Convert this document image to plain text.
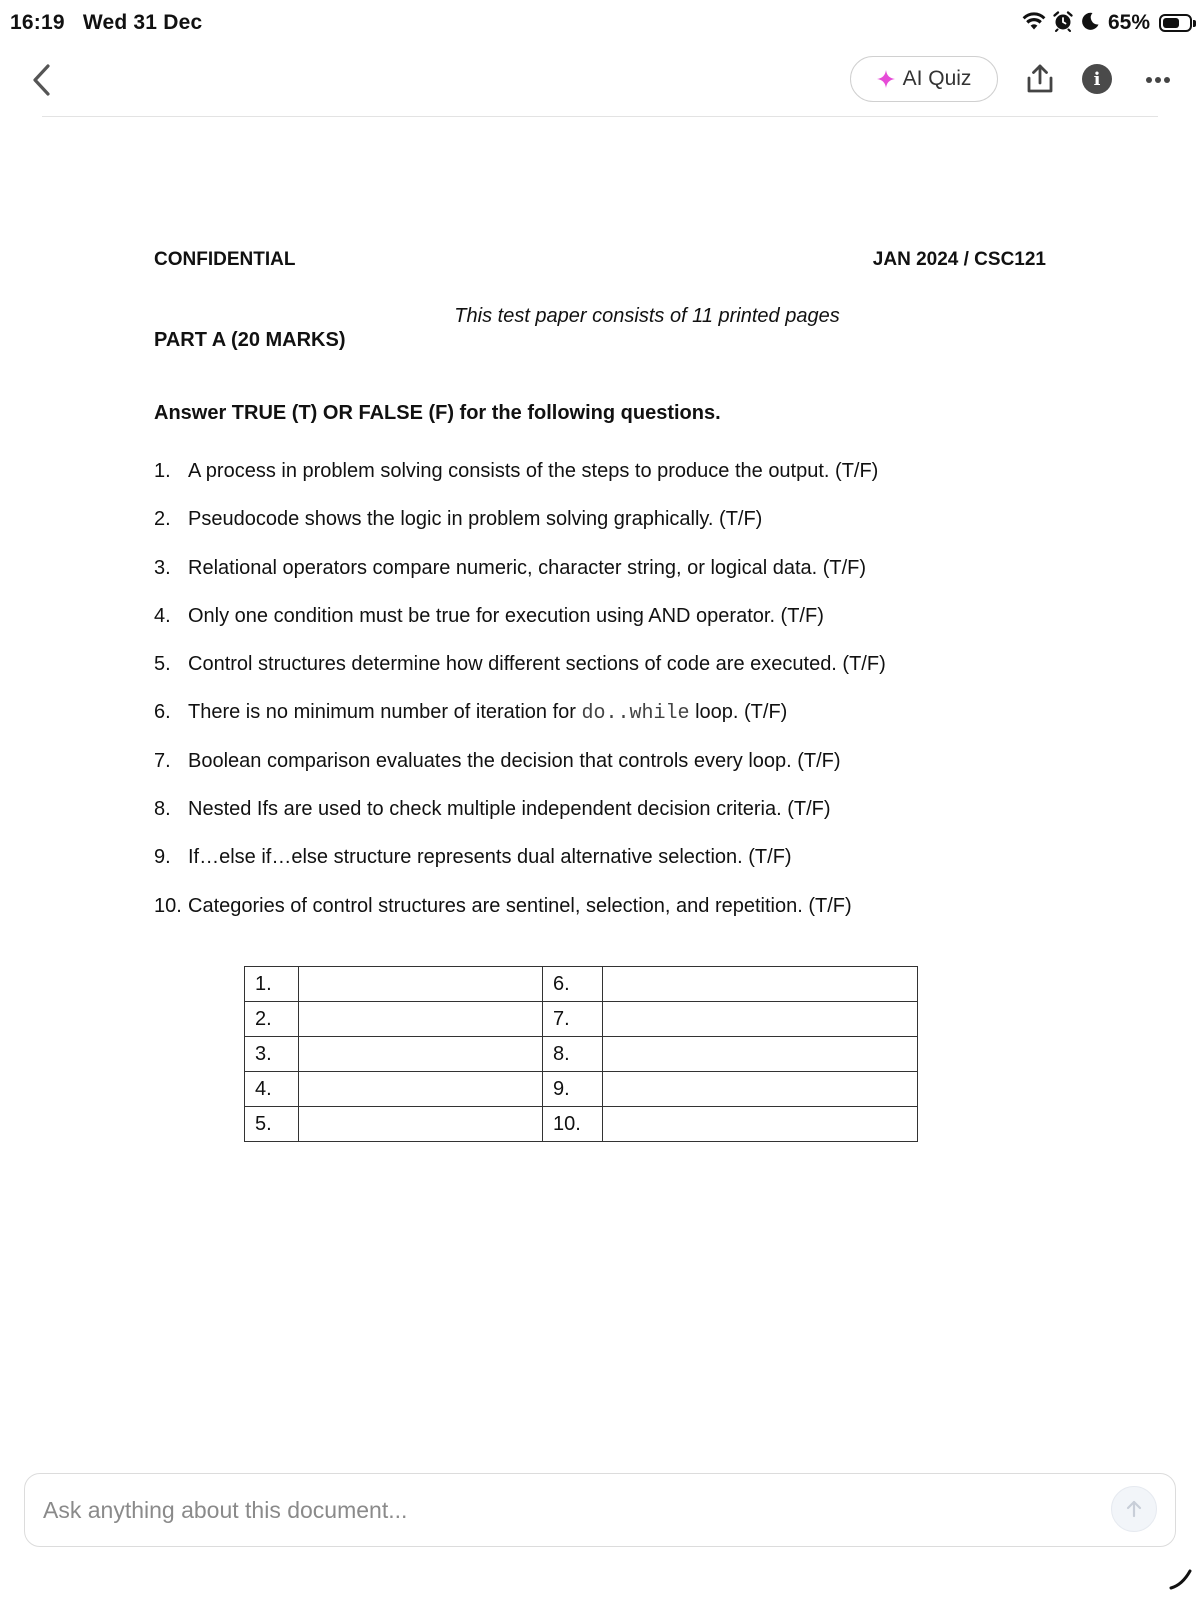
16:19 Wed 31 Dec	65%
AI Quiz	i
CONFIDENTIAL	JAN 2024 / CSC121
This test paper consists of 11 printed pages
PART A (20 MARKS)
Answer TRUE (T) OR FALSE (F) for the following questions.
1. A process in problem solving consists of the steps to produce the output. (T/F)
2. Pseudocode shows the logic in problem solving graphically. (T/F)
3. Relational operators compare numeric, character string, or logical data. (T/F)
4. Only one condition must be true for execution using AND operator. (T/F)
5. Control structures determine how different sections of code are executed. (T/F)
6. There is no minimum number of iteration for do..while loop. (T/F)
7. Boolean comparison evaluates the decision that controls every loop. (T/F)
8. Nested Ifs are used to check multiple independent decision criteria. (T/F)
9. If…else if…else structure represents dual alternative selection. (T/F)
10. Categories of control structures are sentinel, selection, and repetition. (T/F)
1.		6.	
2.		7.	
3.		8.	
4.		9.	
5.		10.	
Ask anything about this document...
